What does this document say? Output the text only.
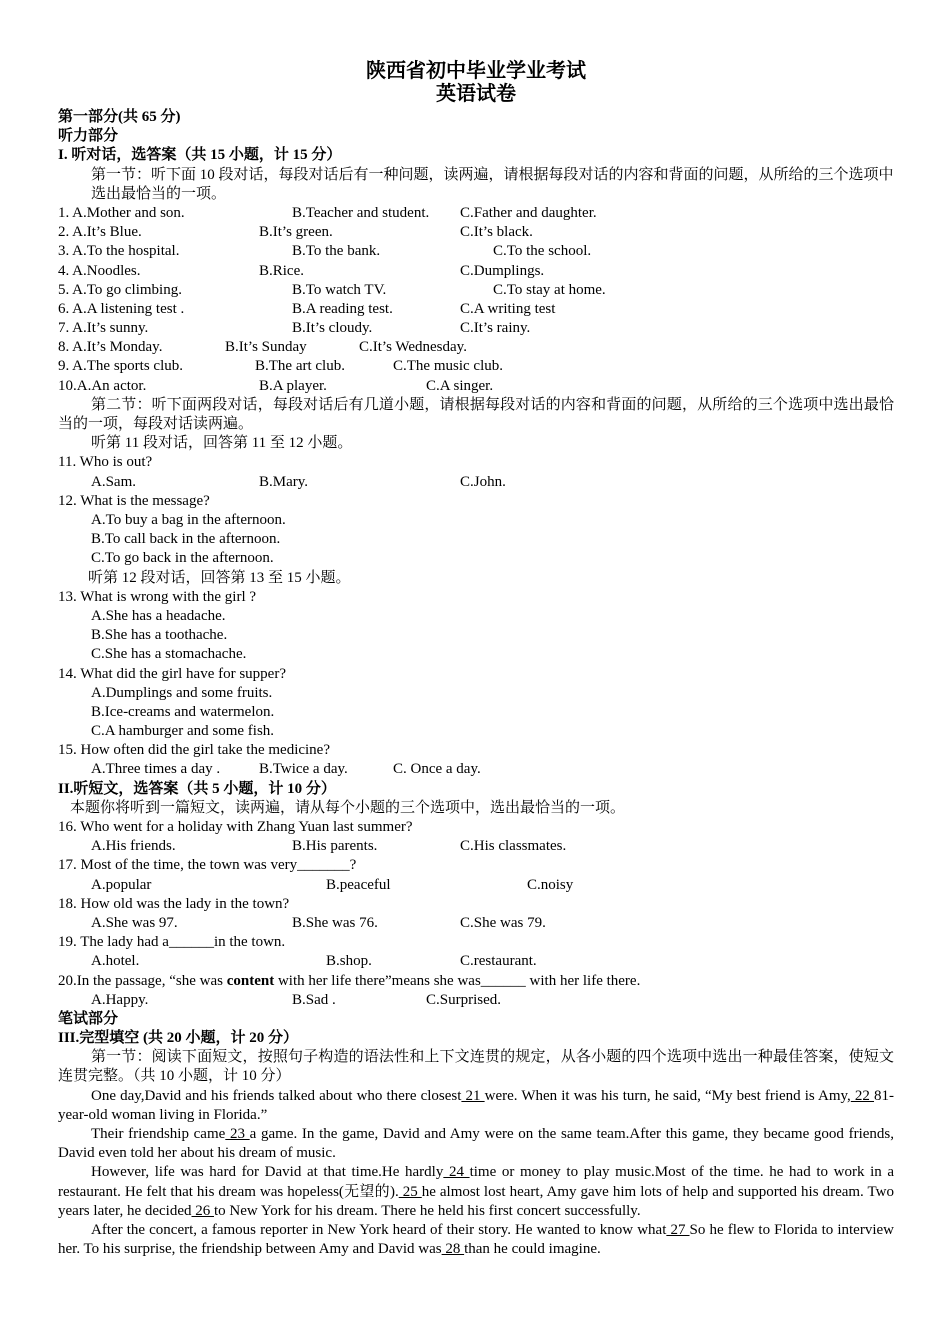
陕西省初中毕业学业考试
英语试卷
第一部分(共 65 分)
听力部分
I. 听对话，选答案（共 15 小题，计 15 分）
第一节：听下面 10 段对话，每段对话后有一种问题，读两遍，请根据每段对话的内容和背面的问题，从所给的三个选项中选出最恰当的一项。
1. A.Mother and son.	B.Teacher and student. C.Father and daughter.
2. A.It’s Blue.	B.It’s green.	C.It’s black.
3. A.To the hospital.	B.To the bank.	C.To the school.
4. A.Noodles.	B.Rice.	C.Dumplings.
5. A.To go climbing.	B.To watch TV.	C.To stay at home.
6. A.A listening test .	B.A reading test.	C.A writing test
7. A.It’s sunny.	B.It’s cloudy.	C.It’s rainy.
8. A.It’s Monday.	B.It’s Sunday	C.It’s Wednesday.
9. A.The sports club.	B.The art club.	C.The music club.
10.A.An actor.	B.A player.	C.A singer.
第二节：听下面两段对话，每段对话后有几道小题，请根据每段对话的内容和背面的问题，从所给的三个选项中选出最恰当的一项，每段对话读两遍。
听第 11 段对话，回答第 11 至 12 小题。
11. Who is out?
A.Sam.	B.Mary.	C.John.
12. What is the message?
A.To buy a bag in the afternoon.
B.To call back in the afternoon.
C.To go back in the afternoon.
听第 12 段对话，回答第 13 至 15 小题。
13. What is wrong with the girl ?
A.She has a headache.
B.She has a toothache.
C.She has a stomachache.
14. What did the girl have for supper?
A.Dumplings and some fruits.
B.Ice-creams and watermelon.
C.A hamburger and some fish.
15. How often did the girl take the medicine?
A.Three times a day .	B.Twice a day.	C. Once a day.
II.听短文，选答案（共 5 小题，计 10 分）
本题你将听到一篇短文，读两遍，请从每个小题的三个选项中，选出最恰当的一项。
16. Who went for a holiday with Zhang Yuan last summer?
A.His friends.	B.His parents.	C.His classmates.
17. Most of the time, the town was very_______?
A.popular	B.peaceful	C.noisy
18. How old was the lady in the town?
A.She was 97.	B.She was 76.	C.She was 79.
19. The lady had a______in the town.
A.hotel.	B.shop.	C.restaurant.
20.In the passage, “she was content with her life there”means she was______ with her life there.
A.Happy.	B.Sad .	C.Surprised.
笔试部分
III.完型填空 (共 20 小题，计 20 分）
第一节：阅读下面短文，按照句子构造的语法性和上下文连贯的规定，从各小题的四个选项中选出一种最佳答案，使短文连贯完整。（共 10 小题，计 10 分）
One day,David and his friends talked about who there closest 21 were. When it was his turn, he said, “My best friend is Amy, 22 81-year-old woman living in Florida.”
Their friendship came 23 a game. In the game, David and Amy were on the same team.After this game, they became good friends, David even told her about his dream of music.
However, life was hard for David at that time.He hardly 24 time or money to play music.Most of the time. he had to work in a restaurant. He felt that his dream was hopeless(无望的). 25 he almost lost heart, Amy gave him lots of help and supported his dream. Two years later, he decided 26 to New York for his dream. There he held his first concert successfully.
After the concert, a famous reporter in New York heard of their story. He wanted to know what 27 So he flew to Florida to interview her. To his surprise, the friendship between Amy and David was 28 than he could imagine.
